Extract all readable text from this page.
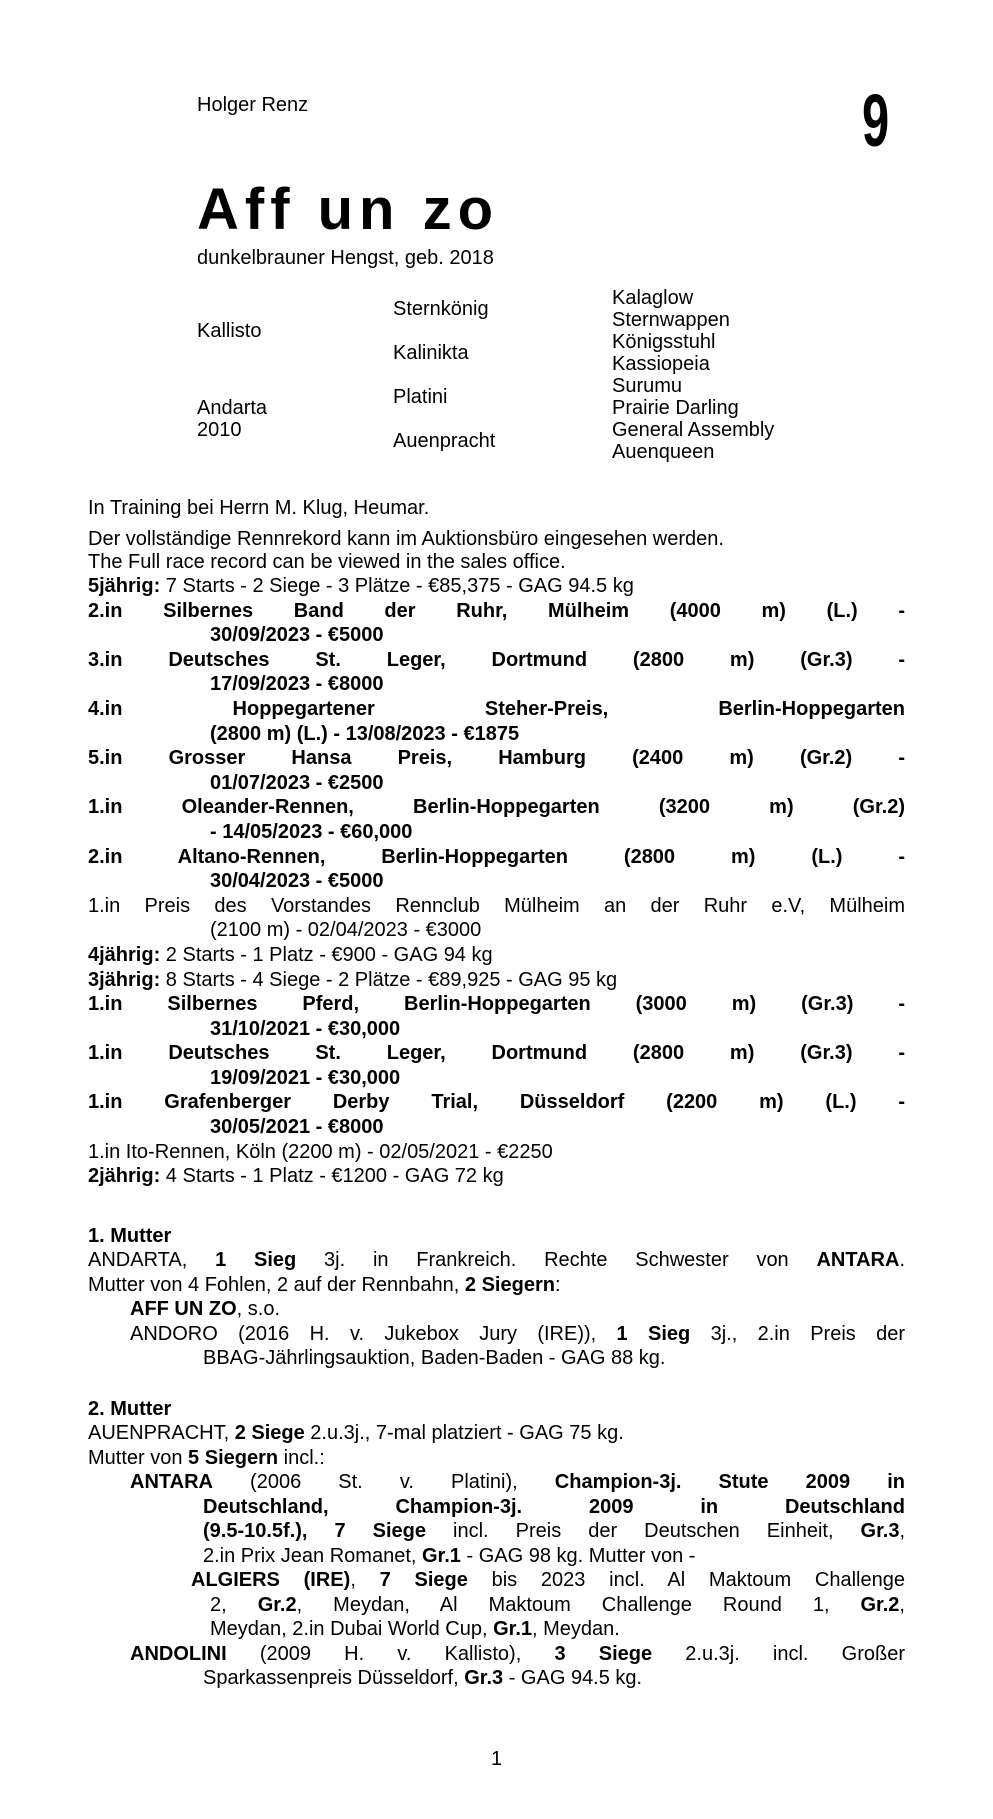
Holger Renz	9
Aff un zo
dunkelbrauner Hengst, geb. 2018
Kallisto
Andarta
2010
Sternkönig
Kalinikta
Platini
Auenpracht
Kalaglow
Sternwappen
Königsstuhl
Kassiopeia
Surumu
Prairie Darling
General Assembly
Auenqueen
In Training bei Herrn M. Klug, Heumar.
Der vollständige Rennrekord kann im Auktionsbüro eingesehen werden.
The Full race record can be viewed in the sales office.
5jährig: 7 Starts - 2 Siege - 3 Plätze - €85,375 - GAG 94.5 kg
2.in Silbernes Band der Ruhr, Mülheim (4000 m) (L.) -
30/09/2023 - €5000
3.in Deutsches St. Leger, Dortmund (2800 m) (Gr.3) -
17/09/2023 - €8000
4.in Hoppegartener Steher-Preis, Berlin-Hoppegarten
(2800 m) (L.) - 13/08/2023 - €1875
5.in Grosser Hansa Preis, Hamburg (2400 m) (Gr.2) -
01/07/2023 - €2500
1.in Oleander-Rennen, Berlin-Hoppegarten (3200 m) (Gr.2)
- 14/05/2023 - €60,000
2.in Altano-Rennen, Berlin-Hoppegarten (2800 m) (L.) -
30/04/2023 - €5000
1.in Preis des Vorstandes Rennclub Mülheim an der Ruhr e.V, Mülheim
(2100 m) - 02/04/2023 - €3000
4jährig: 2 Starts - 1 Platz - €900 - GAG 94 kg
3jährig: 8 Starts - 4 Siege - 2 Plätze - €89,925 - GAG 95 kg
1.in Silbernes Pferd, Berlin-Hoppegarten (3000 m) (Gr.3) -
31/10/2021 - €30,000
1.in Deutsches St. Leger, Dortmund (2800 m) (Gr.3) -
19/09/2021 - €30,000
1.in Grafenberger Derby Trial, Düsseldorf (2200 m) (L.) -
30/05/2021 - €8000
1.in Ito-Rennen, Köln (2200 m) - 02/05/2021 - €2250
2jährig: 4 Starts - 1 Platz - €1200 - GAG 72 kg
1. Mutter
ANDARTA, 1 Sieg 3j. in Frankreich. Rechte Schwester von ANTARA.
Mutter von 4 Fohlen, 2 auf der Rennbahn, 2 Siegern:
AFF UN ZO, s.o.
ANDORO (2016 H. v. Jukebox Jury (IRE)), 1 Sieg 3j., 2.in Preis der
BBAG-Jährlingsauktion, Baden-Baden - GAG 88 kg.
2. Mutter
AUENPRACHT, 2 Siege 2.u.3j., 7-mal platziert - GAG 75 kg.
Mutter von 5 Siegern incl.:
ANTARA (2006 St. v. Platini), Champion-3j. Stute 2009 in
Deutschland, Champion-3j. 2009 in Deutschland
(9.5-10.5f.), 7 Siege incl. Preis der Deutschen Einheit, Gr.3,
2.in Prix Jean Romanet, Gr.1 - GAG 98 kg. Mutter von -
ALGIERS (IRE), 7 Siege bis 2023 incl. Al Maktoum Challenge
2, Gr.2, Meydan, Al Maktoum Challenge Round 1, Gr.2,
Meydan, 2.in Dubai World Cup, Gr.1, Meydan.
ANDOLINI (2009 H. v. Kallisto), 3 Siege 2.u.3j. incl. Großer
Sparkassenpreis Düsseldorf, Gr.3 - GAG 94.5 kg.
1
